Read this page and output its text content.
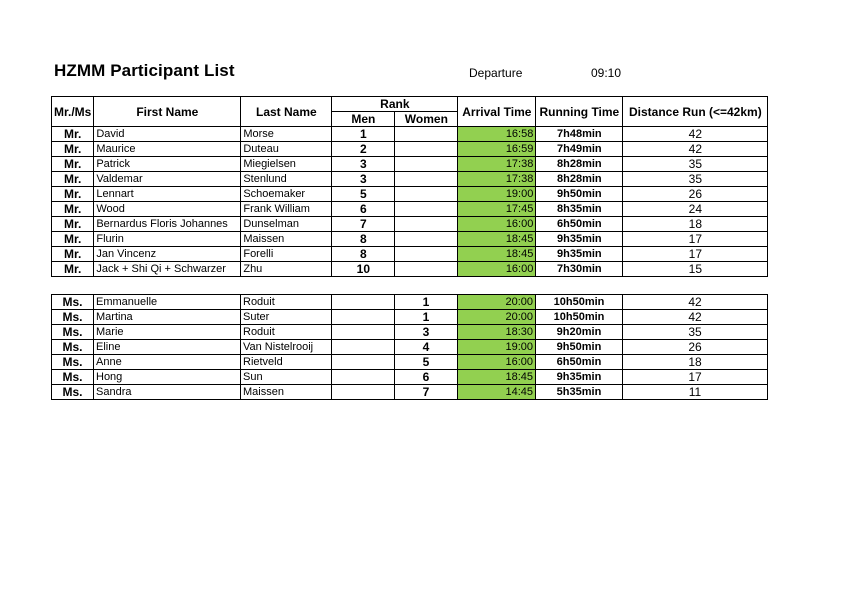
HZMM Participant List	Departure	09:10
Mr./Ms	First Name	Last Name	Rank		Arrival Time	Running Time	Distance Run (<=42km)
			Men	Women			
Mr.	David	Morse	1		16:58	7h48min	42
Mr.	Maurice	Duteau	2		16:59	7h49min	42
Mr.	Patrick	Miegielsen	3		17:38	8h28min	35
Mr.	Valdemar	Stenlund	3		17:38	8h28min	35
Mr.	Lennart	Schoemaker	5		19:00	9h50min	26
Mr.	Wood	Frank William	6		17:45	8h35min	24
Mr.	Bernardus Floris Johannes	Dunselman	7		16:00	6h50min	18
Mr.	Flurin	Maissen	8		18:45	9h35min	17
Mr.	Jan Vincenz	Forelli	8		18:45	9h35min	17
Mr.	Jack + Shi Qi + Schwarzer	Zhu	10		16:00	7h30min	15
Ms.	Emmanuelle	Roduit		1	20:00	10h50min	42
Ms.	Martina	Suter		1	20:00	10h50min	42
Ms.	Marie	Roduit		3	18:30	9h20min	35
Ms.	Eline	Van Nistelrooij		4	19:00	9h50min	26
Ms.	Anne	Rietveld		5	16:00	6h50min	18
Ms.	Hong	Sun		6	18:45	9h35min	17
Ms.	Sandra	Maissen		7	14:45	5h35min	11
